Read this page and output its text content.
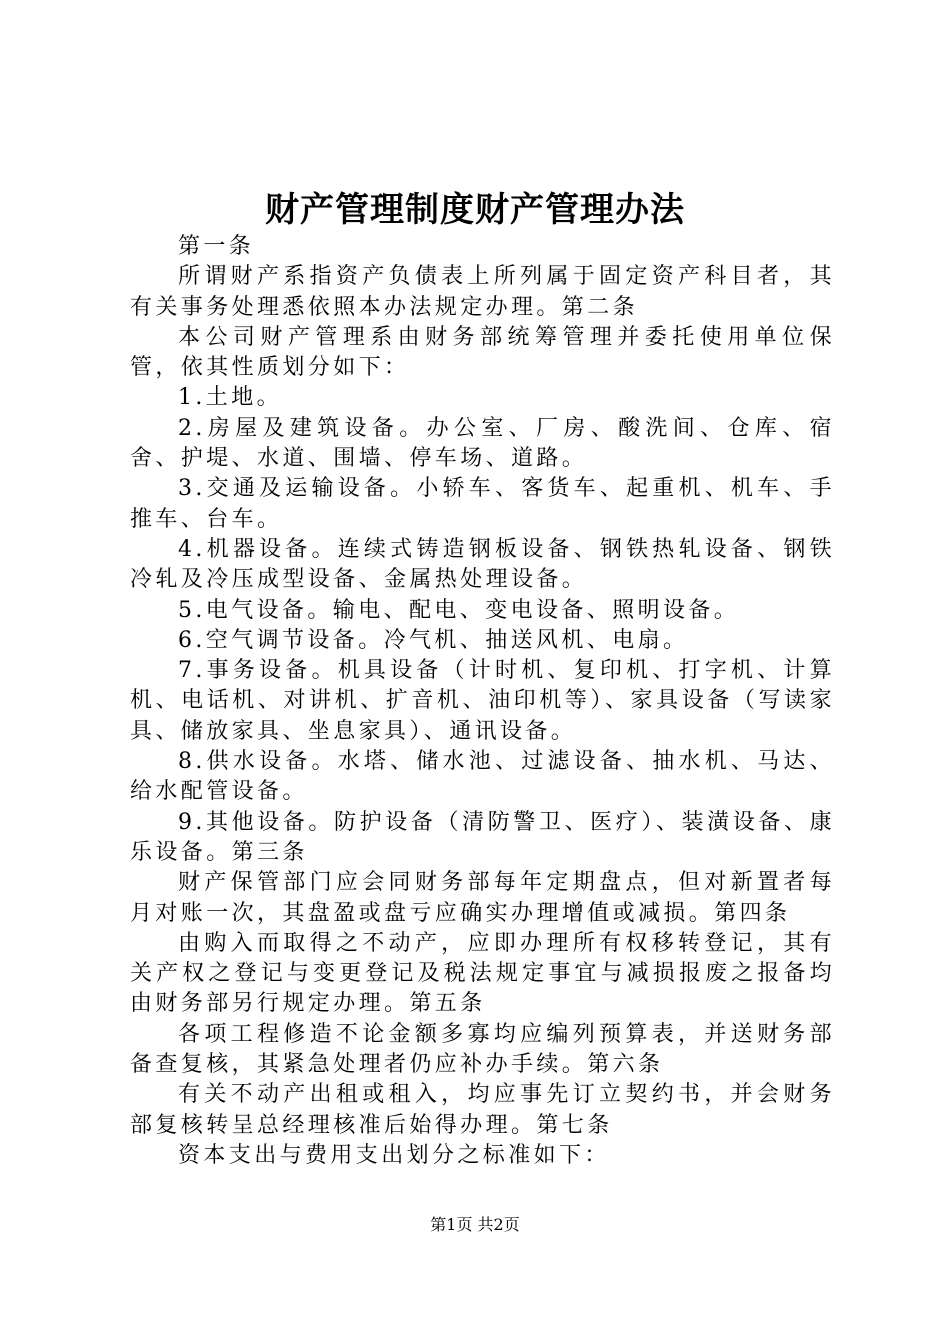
财产管理制度财产管理办法

第一条

所谓财产系指资产负债表上所列属于固定资产科目者，其有关事务处理悉依照本办法规定办理。第二条

本公司财产管理系由财务部统筹管理并委托使用单位保管，依其性质划分如下：

1.土地。

2.房屋及建筑设备。办公室、厂房、酸洗间、仓库、宿舍、护堤、水道、围墙、停车场、道路。

3.交通及运输设备。小轿车、客货车、起重机、机车、手推车、台车。

4.机器设备。连续式铸造钢板设备、钢铁热轧设备、钢铁冷轧及冷压成型设备、金属热处理设备。

5.电气设备。输电、配电、变电设备、照明设备。

6.空气调节设备。冷气机、抽送风机、电扇。

7.事务设备。机具设备（计时机、复印机、打字机、计算机、电话机、对讲机、扩音机、油印机等）、家具设备（写读家具、储放家具、坐息家具）、通讯设备。

8.供水设备。水塔、储水池、过滤设备、抽水机、马达、给水配管设备。

9.其他设备。防护设备（清防警卫、医疗）、装潢设备、康乐设备。第三条

财产保管部门应会同财务部每年定期盘点，但对新置者每月对账一次，其盘盈或盘亏应确实办理增值或减损。第四条

由购入而取得之不动产，应即办理所有权移转登记，其有关产权之登记与变更登记及税法规定事宜与减损报废之报备均由财务部另行规定办理。第五条

各项工程修造不论金额多寡均应编列预算表，并送财务部备查复核，其紧急处理者仍应补办手续。第六条

有关不动产出租或租入，均应事先订立契约书，并会财务部复核转呈总经理核准后始得办理。第七条

资本支出与费用支出划分之标准如下：

第1页 共2页
